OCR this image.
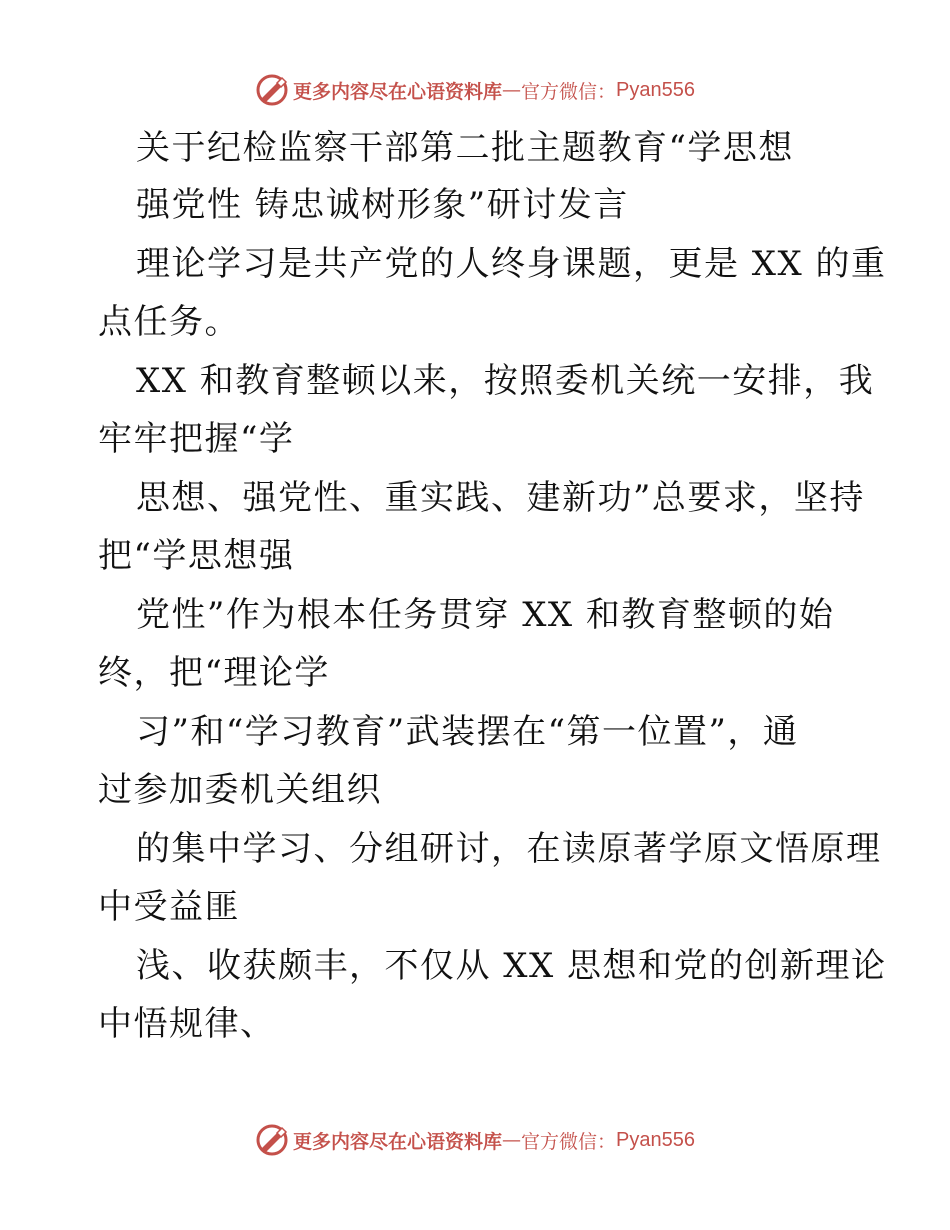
更多内容尽在心语资料库 — 官方微信： Pyan556
关于纪检监察干部第二批主题教育“学思想
强党性 铸忠诚树形象”研讨发言
理论学习是共产党的人终身课题，更是 XX 的重
点任务。
XX 和教育整顿以来，按照委机关统一安排，我
牢牢把握“学
思想、强党性、重实践、建新功”总要求，坚持
把“学思想强
党性”作为根本任务贯穿 XX 和教育整顿的始
终，把“理论学
习”和“学习教育”武装摆在“第一位置”，通
过参加委机关组织
的集中学习、分组研讨，在读原著学原文悟原理
中受益匪
浅、收获颇丰，不仅从 XX 思想和党的创新理论
中悟规律、
更多内容尽在心语资料库 — 官方微信： Pyan556
